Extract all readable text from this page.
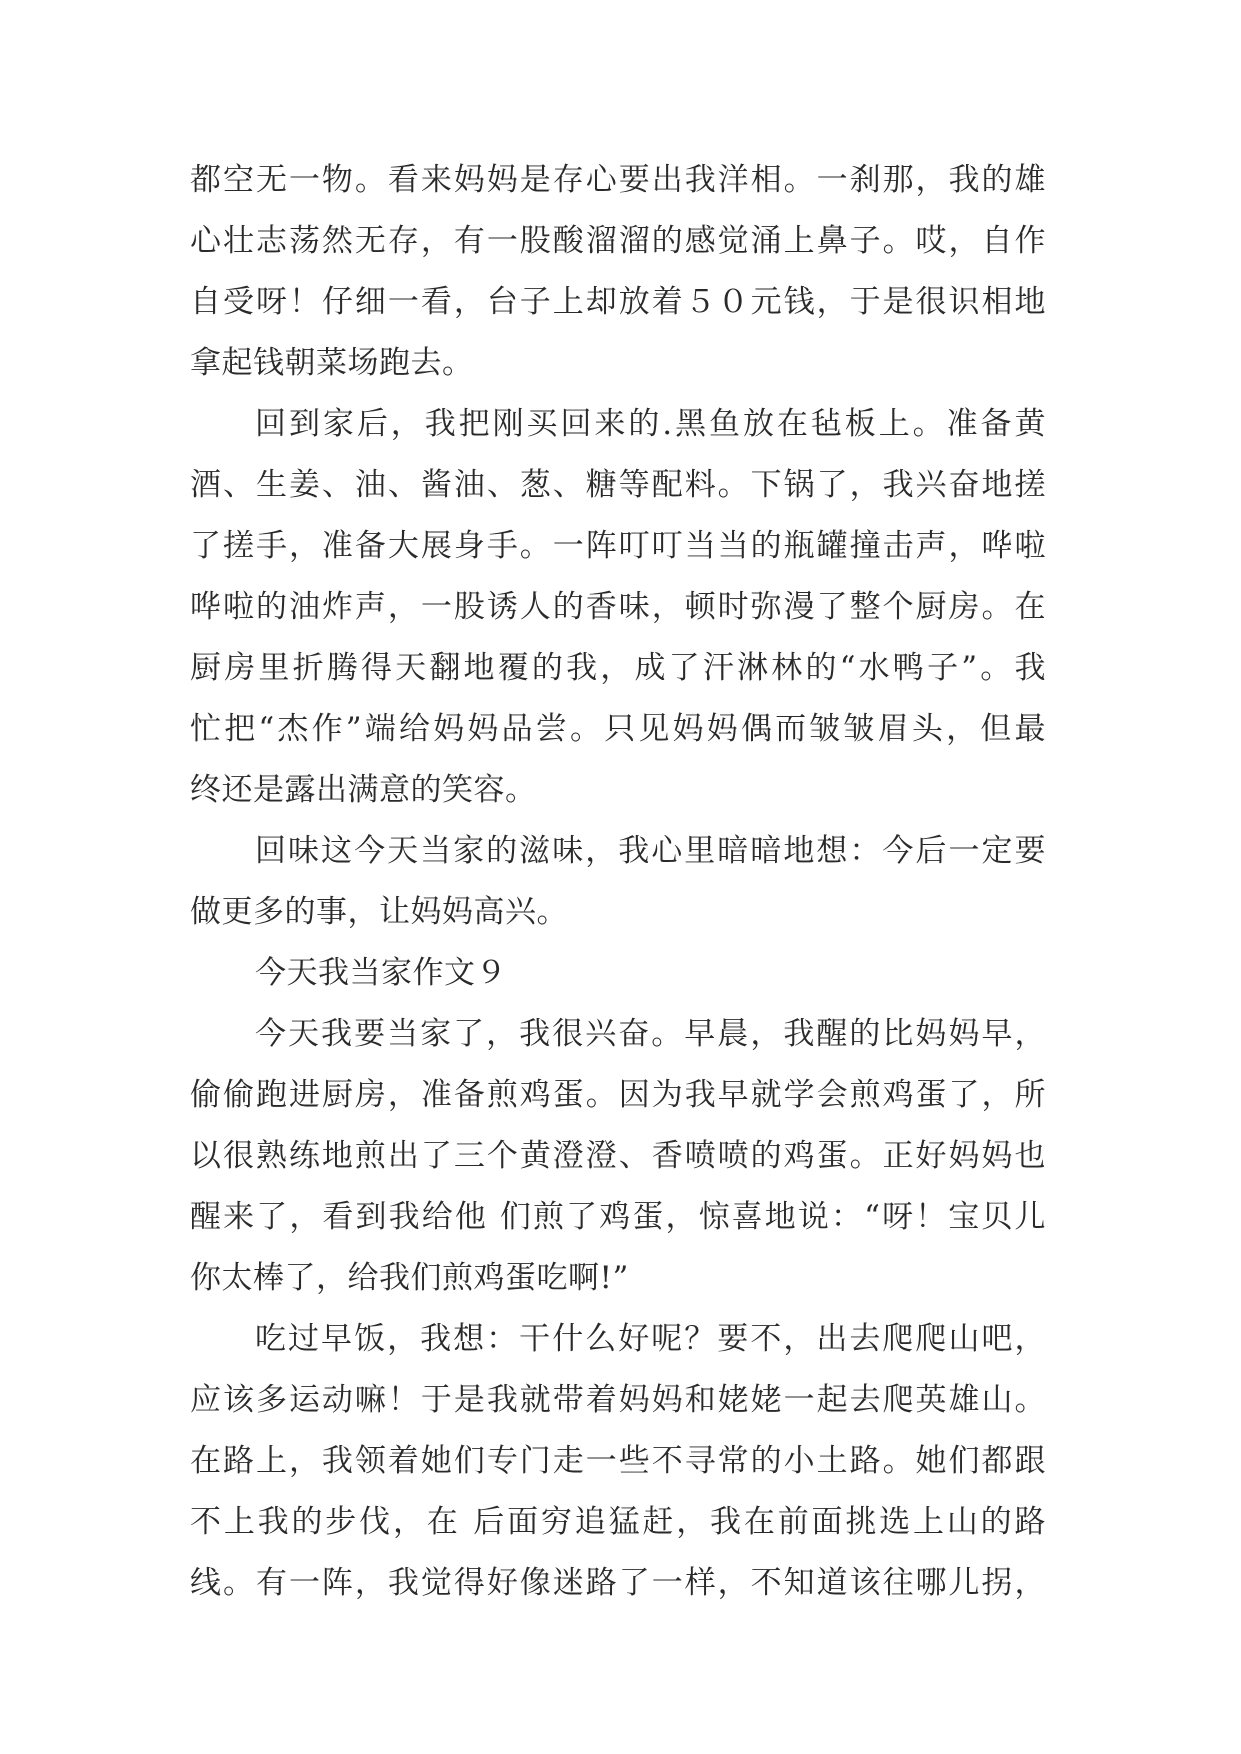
都空无一物。看来妈妈是存心要出我洋相。一刹那，我的雄
心壮志荡然无存，有一股酸溜溜的感觉涌上鼻子。哎，自作
自受呀！仔细一看，台子上却放着５０元钱，于是很识相地
拿起钱朝菜场跑去。
回到家后，我把刚买回来的.黑鱼放在毡板上。准备黄
酒、生姜、油、酱油、葱、糖等配料。下锅了，我兴奋地搓
了搓手，准备大展身手。一阵叮叮当当的瓶罐撞击声，哗啦
哗啦的油炸声，一股诱人的香味，顿时弥漫了整个厨房。在
厨房里折腾得天翻地覆的我，成了汗淋林的“水鸭子”。我
忙把“杰作”端给妈妈品尝。只见妈妈偶而皱皱眉头，但最
终还是露出满意的笑容。
回味这今天当家的滋味，我心里暗暗地想：今后一定要
做更多的事，让妈妈高兴。
今天我当家作文９
今天我要当家了，我很兴奋。早晨，我醒的比妈妈早，
偷偷跑进厨房，准备煎鸡蛋。因为我早就学会煎鸡蛋了，所
以很熟练地煎出了三个黄澄澄、香喷喷的鸡蛋。正好妈妈也
醒来了，看到我给他 们煎了鸡蛋，惊喜地说：“呀！宝贝儿
你太棒了，给我们煎鸡蛋吃啊!”
吃过早饭，我想：干什么好呢？要不，出去爬爬山吧，
应该多运动嘛！于是我就带着妈妈和姥姥一起去爬英雄山。
在路上，我领着她们专门走一些不寻常的小土路。她们都跟
不上我的步伐，在 后面穷追猛赶，我在前面挑选上山的路
线。有一阵，我觉得好像迷路了一样，不知道该往哪儿拐，
